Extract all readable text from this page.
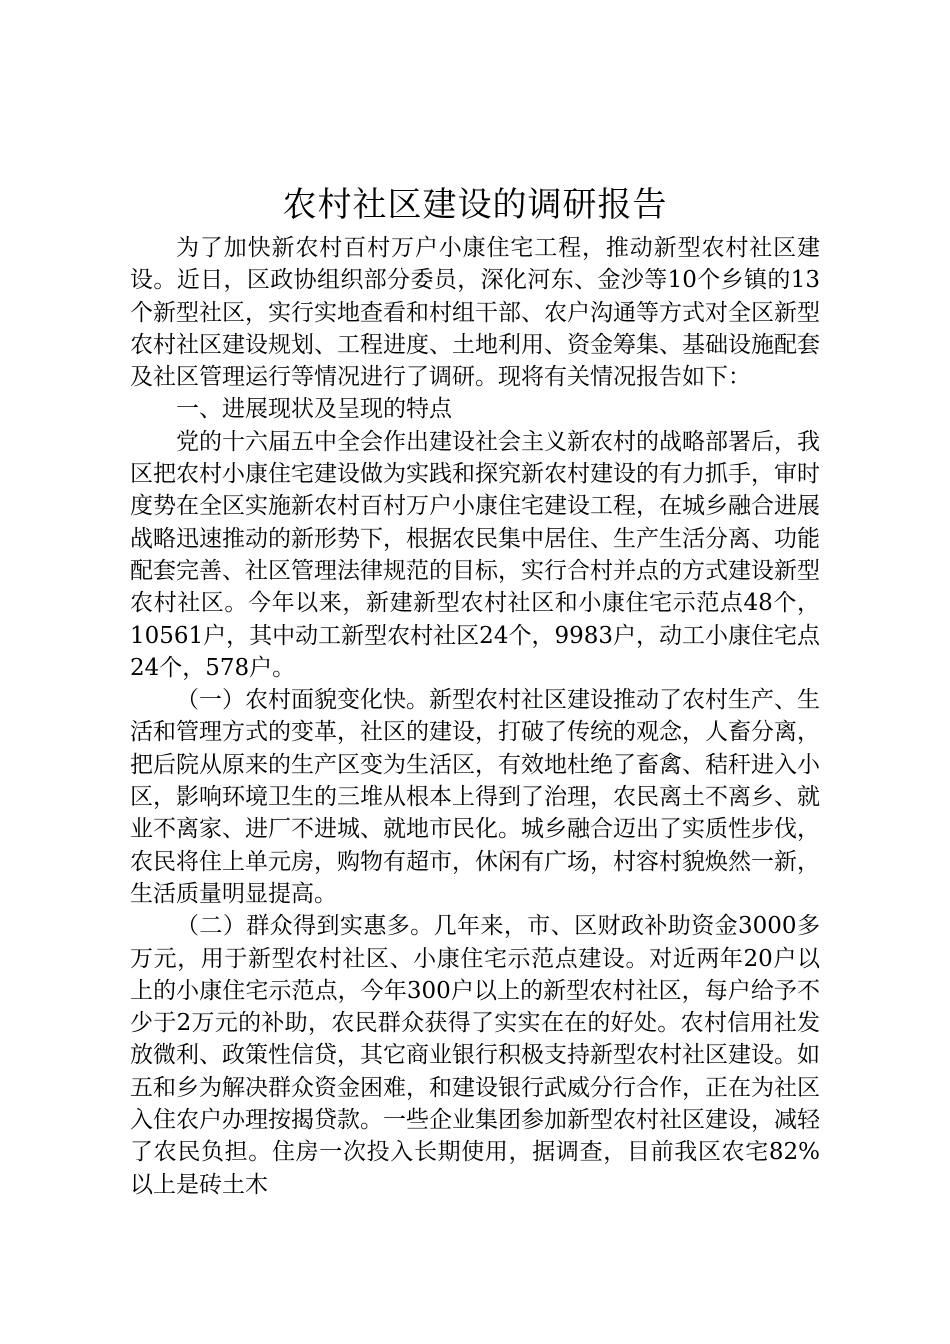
农村社区建设的调研报告

为了加快新农村百村万户小康住宅工程，推动新型农村社区建设。近日，区政协组织部分委员，深化河东、金沙等10个乡镇的13个新型社区，实行实地查看和村组干部、农户沟通等方式对全区新型农村社区建设规划、工程进度、土地利用、资金筹集、基础设施配套及社区管理运行等情况进行了调研。现将有关情况报告如下：

一、进展现状及呈现的特点

党的十六届五中全会作出建设社会主义新农村的战略部署后，我区把农村小康住宅建设做为实践和探究新农村建设的有力抓手，审时度势在全区实施新农村百村万户小康住宅建设工程，在城乡融合进展战略迅速推动的新形势下，根据农民集中居住、生产生活分离、功能配套完善、社区管理法律规范的目标，实行合村并点的方式建设新型农村社区。今年以来，新建新型农村社区和小康住宅示范点48个，10561户，其中动工新型农村社区24个，9983户，动工小康住宅点24个，578户。

（一）农村面貌变化快。新型农村社区建设推动了农村生产、生活和管理方式的变革，社区的建设，打破了传统的观念，人畜分离，把后院从原来的生产区变为生活区，有效地杜绝了畜禽、秸秆进入小区，影响环境卫生的三堆从根本上得到了治理，农民离土不离乡、就业不离家、进厂不进城、就地市民化。城乡融合迈出了实质性步伐，农民将住上单元房，购物有超市，休闲有广场，村容村貌焕然一新，生活质量明显提高。

（二）群众得到实惠多。几年来，市、区财政补助资金3000多万元，用于新型农村社区、小康住宅示范点建设。对近两年20户以上的小康住宅示范点，今年300户以上的新型农村社区，每户给予不少于2万元的补助，农民群众获得了实实在在的好处。农村信用社发放微利、政策性信贷，其它商业银行积极支持新型农村社区建设。如五和乡为解决群众资金困难，和建设银行武威分行合作，正在为社区入住农户办理按揭贷款。一些企业集团参加新型农村社区建设，减轻了农民负担。住房一次投入长期使用，据调查，目前我区农宅82%以上是砖土木
